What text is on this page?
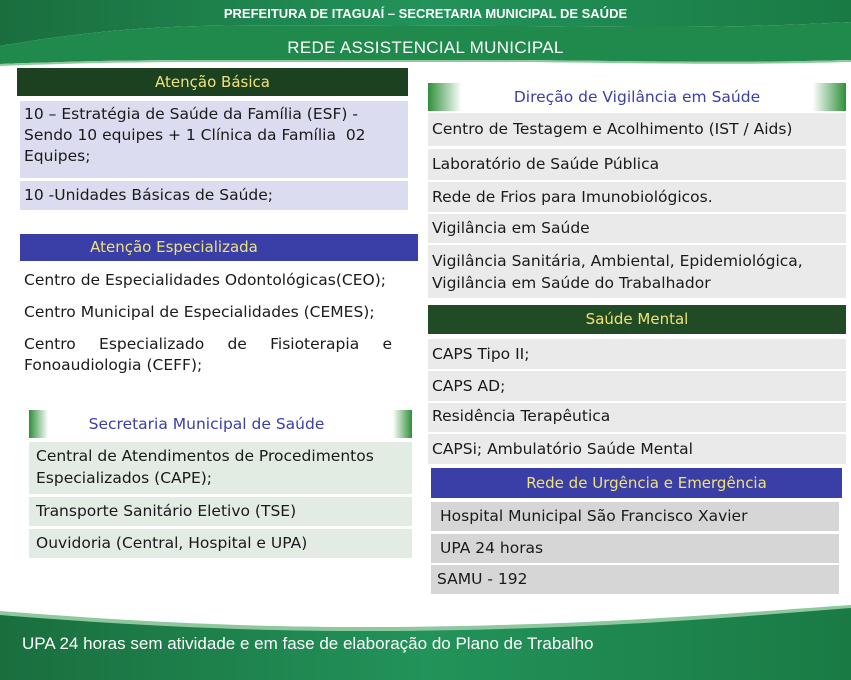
PREFEITURA DE ITAGUAÍ – SECRETARIA MUNICIPAL DE SAÚDE
REDE ASSISTENCIAL MUNICIPAL
Atenção Básica
10 – Estratégia de Saúde da Família (ESF) - Sendo 10 equipes + 1 Clínica da Família  02 Equipes;
10 -Unidades Básicas de Saúde;
Atenção Especializada
Centro de Especialidades Odontológicas(CEO);
Centro Municipal de Especialidades (CEMES);
Centro Especializado de Fisioterapia e Fonoaudiologia (CEFF);
Secretaria Municipal de Saúde
Central de Atendimentos de Procedimentos Especializados (CAPE);
Transporte Sanitário Eletivo (TSE)
Ouvidoria (Central, Hospital e UPA)
Direção de Vigilância em Saúde
Centro de Testagem e Acolhimento (IST / Aids)
Laboratório de Saúde Pública
Rede de Frios para Imunobiológicos.
Vigilância em Saúde
Vigilância Sanitária, Ambiental, Epidemiológica, Vigilância em Saúde do Trabalhador
Saúde Mental
CAPS Tipo II;
CAPS AD;
Residência Terapêutica
CAPSi; Ambulatório Saúde Mental
Rede de Urgência e Emergência
Hospital Municipal São Francisco Xavier
UPA 24 horas
SAMU - 192
UPA 24 horas sem atividade e em fase de elaboração do Plano de Trabalho
